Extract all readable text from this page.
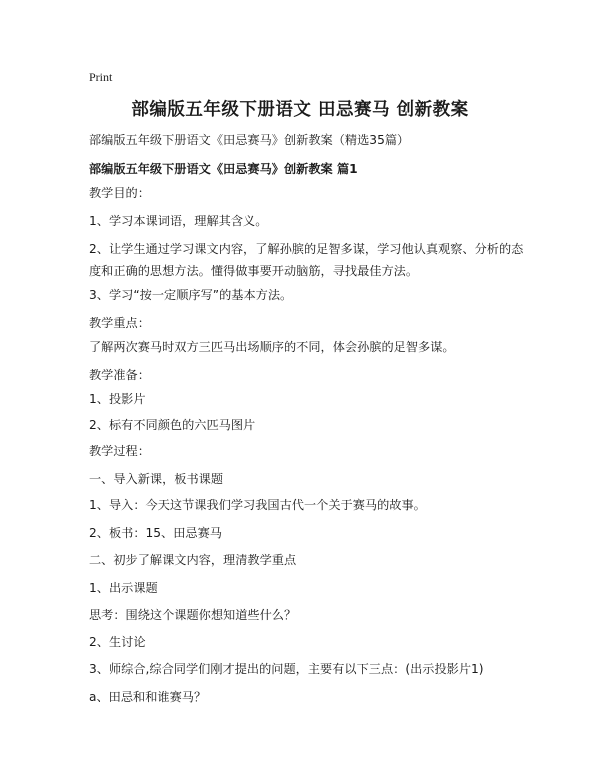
Print
部编版五年级下册语文 田忌赛马 创新教案
部编版五年级下册语文《田忌赛马》创新教案（精选35篇）
部编版五年级下册语文《田忌赛马》创新教案 篇1
教学目的：
1、学习本课词语，理解其含义。
2、让学生通过学习课文内容，了解孙膑的足智多谋，学习他认真观察、分析的态度和正确的思想方法。懂得做事要开动脑筋，寻找最佳方法。
3、学习“按一定顺序写”的基本方法。
教学重点：
了解两次赛马时双方三匹马出场顺序的不同，体会孙膑的足智多谋。
教学准备：
1、投影片
2、标有不同颜色的六匹马图片
教学过程：
一、导入新课，板书课题
1、导入：今天这节课我们学习我国古代一个关于赛马的故事。
2、板书：15、田忌赛马
二、初步了解课文内容，理清教学重点
1、出示课题
思考：围绕这个课题你想知道些什么？
2、生讨论
3、师综合,综合同学们刚才提出的问题，主要有以下三点：(出示投影片1)
a、田忌和和谁赛马？
